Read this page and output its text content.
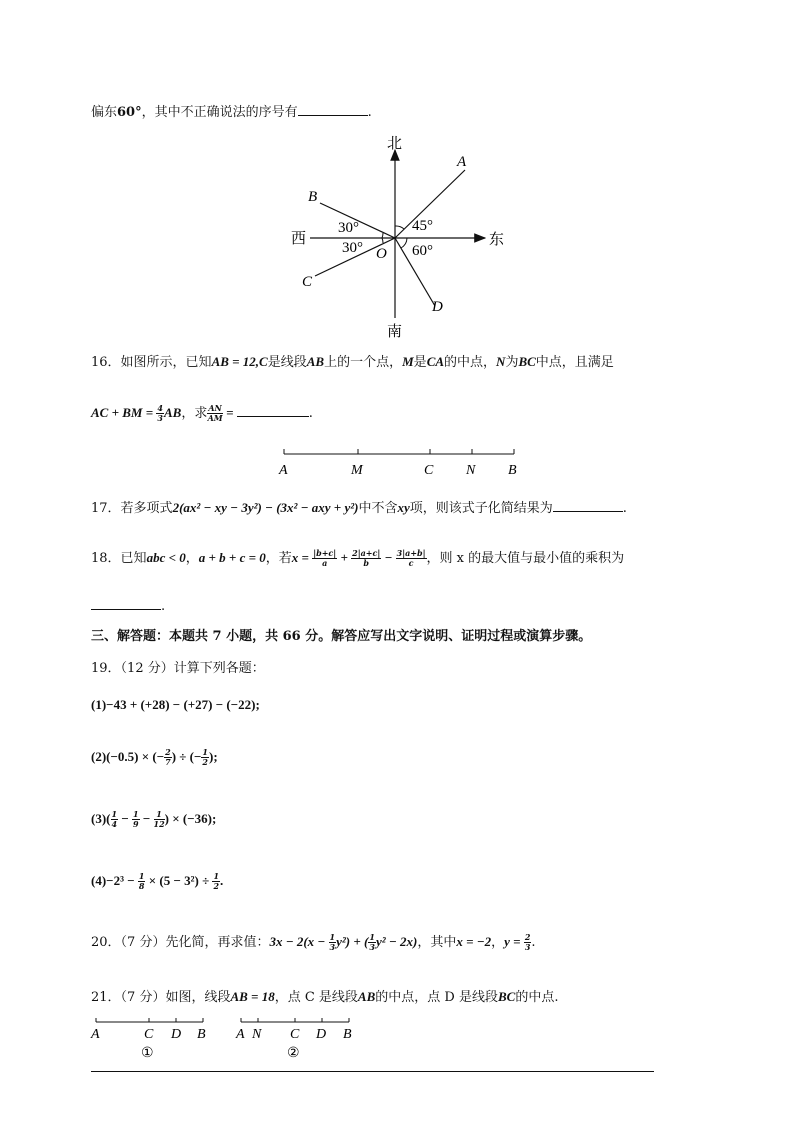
偏东60°，其中不正确说法的序号有	.
北
南
西	东
O
A
B
C
D
30°
30°
45°
60°
16．如图所示，已知AB = 12,C是线段AB上的一个点，M是CA的中点，N为BC中点，且满足
AC + BM = $\frac{4}{3}$ AB，求 $\frac{AN}{AM}$ =	.
A	M	C N B
17．若多项式2(ax² − xy − 3y²) − (3x² − axy + y²)中不含xy项，则该式子化简结果为	.
18．已知abc < 0，a + b + c = 0，若$x = \frac{|b+c|}{a} + \frac{2|a+c|}{b} - \frac{3|a+b|}{c}$ ，则 x 的最大值与最小值的乘积为
.
三、解答题：本题共 7 小题，共 66 分。解答应写出文字说明、证明过程或演算步骤。
19．（12 分）计算下列各题：
(1)−43 + (+28) − (+27) − (−22);
(2)(−0.5) × (− $\frac{2}{7}$ ) ÷ (− $\frac{1}{2}$ );
$(3)( \frac{1}{4} - \frac{1}{9} - \frac{1}{12}$ ) × (−36);
$(4)-2^3 - \frac{1}{8} \times (5 - 3^2) \div \frac{1}{2}$ .
20．（7 分）先化简，再求值：$3x - 2(x - \frac{1}{3} y^2)$ + ( $\frac{1}{3} y^2 - 2x$)，其中x = −2，$y = \frac{2}{3}$ .
21．（7 分）如图，线段AB = 18，点 C 是线段AB的中点，点 D 是线段BC的中点.
A	C D B
①
A N C D B
②
